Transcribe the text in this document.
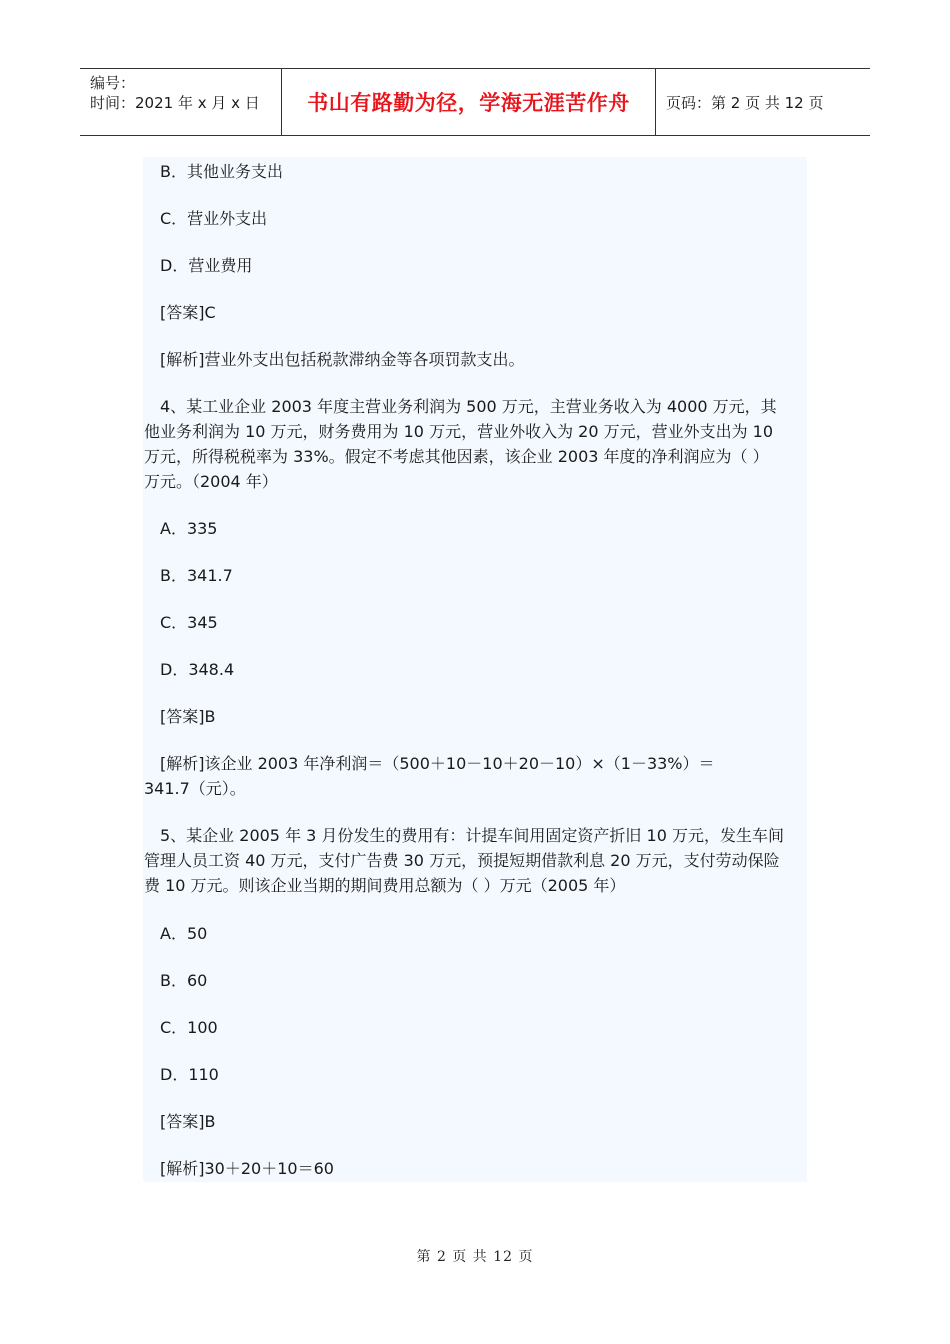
编号：
时间：2021 年 x 月 x 日	书山有路勤为径，学海无涯苦作舟	页码：第 2 页 共 12 页
B．其他业务支出
C．营业外支出
D．营业费用
[答案]C
[解析]营业外支出包括税款滞纳金等各项罚款支出。
4、某工业企业 2003 年度主营业务利润为 500 万元，主营业务收入为 4000 万元，其
他业务利润为 10 万元，财务费用为 10 万元，营业外收入为 20 万元，营业外支出为 10
万元，所得税税率为 33%。假定不考虑其他因素，该企业 2003 年度的净利润应为（ ）
万元。（2004 年）
A．335
B．341.7
C．345
D．348.4
[答案]B
[解析]该企业 2003 年净利润＝（500＋10－10＋20－10）×（1－33%）＝
341.7（元）。
5、某企业 2005 年 3 月份发生的费用有：计提车间用固定资产折旧 10 万元，发生车间
管理人员工资 40 万元，支付广告费 30 万元，预提短期借款利息 20 万元，支付劳动保险
费 10 万元。则该企业当期的期间费用总额为（ ）万元（2005 年）
A．50
B．60
C．100
D．110
[答案]B
[解析]30＋20＋10＝60
第 2 页 共 12 页
